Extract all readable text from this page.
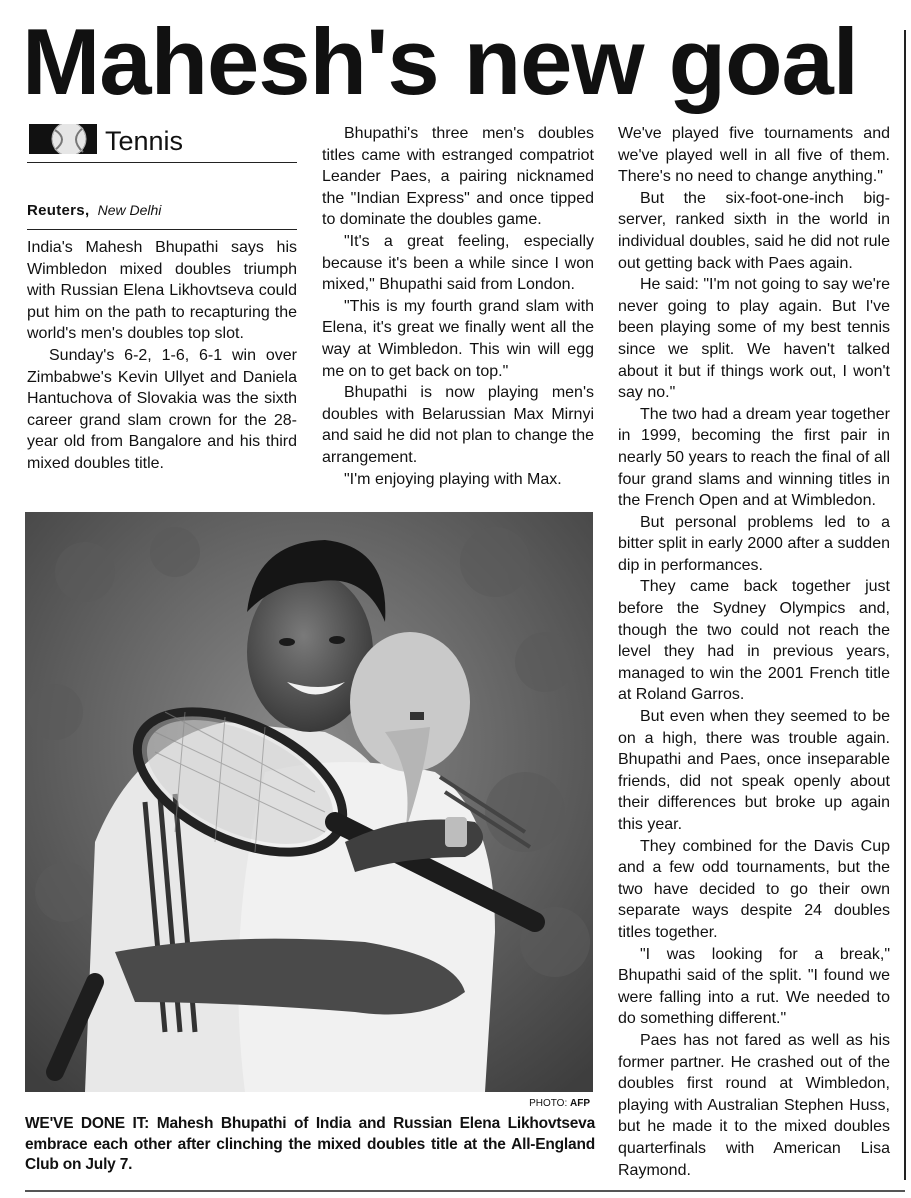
Mahesh's new goal
Tennis
Reuters, New Delhi

India's Mahesh Bhupathi says his Wimbledon mixed doubles triumph with Russian Elena Likhovtseva could put him on the path to recapturing the world's men's doubles top slot.

Sunday's 6-2, 1-6, 6-1 win over Zimbabwe's Kevin Ullyet and Daniela Hantuchova of Slovakia was the sixth career grand slam crown for the 28-year old from Bangalore and his third mixed doubles title.

Bhupathi's three men's doubles titles came with estranged compatriot Leander Paes, a pairing nicknamed the "Indian Express" and once tipped to dominate the doubles game.

"It's a great feeling, especially because it's been a while since I won mixed," Bhupathi said from London.

"This is my fourth grand slam with Elena, it's great we finally went all the way at Wimbledon. This win will egg me on to get back on top."

Bhupathi is now playing men's doubles with Belarussian Max Mirnyi and said he did not plan to change the arrangement.

"I'm enjoying playing with Max.

We've played five tournaments and we've played well in all five of them. There's no need to change anything."

But the six-foot-one-inch big-server, ranked sixth in the world in individual doubles, said he did not rule out getting back with Paes again.

He said: "I'm not going to say we're never going to play again. But I've been playing some of my best tennis since we split. We haven't talked about it but if things work out, I won't say no."

The two had a dream year together in 1999, becoming the first pair in nearly 50 years to reach the final of all four grand slams and winning titles in the French Open and at Wimbledon.

But personal problems led to a bitter split in early 2000 after a sudden dip in performances.

They came back together just before the Sydney Olympics and, though the two could not reach the level they had in previous years, managed to win the 2001 French title at Roland Garros.

But even when they seemed to be on a high, there was trouble again. Bhupathi and Paes, once inseparable friends, did not speak openly about their differences but broke up again this year.

They combined for the Davis Cup and a few odd tournaments, but the two have decided to go their own separate ways despite 24 doubles titles together.

"I was looking for a break," Bhupathi said of the split. "I found we were falling into a rut. We needed to do something different."

Paes has not fared as well as his former partner. He crashed out of the doubles first round at Wimbledon, playing with Australian Stephen Huss, but he made it to the mixed doubles quarterfinals with American Lisa Raymond.

PHOTO: AFP
WE'VE DONE IT: Mahesh Bhupathi of India and Russian Elena Likhovtseva embrace each other after clinching the mixed doubles title at the All-England Club on July 7.
